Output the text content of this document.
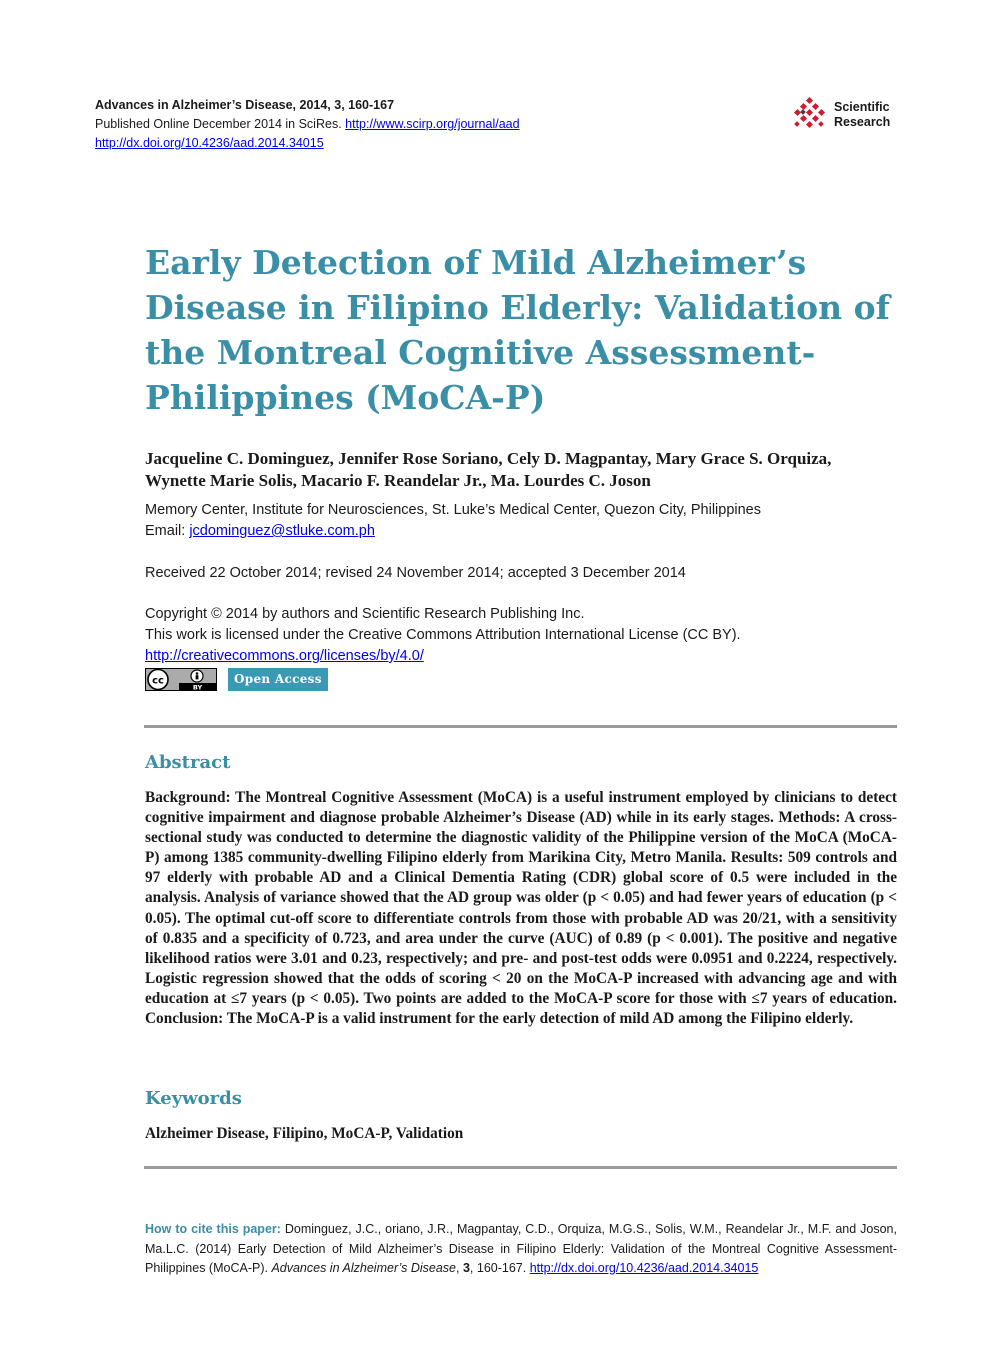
Advances in Alzheimer’s Disease, 2014, 3, 160-167
Published Online December 2014 in SciRes. http://www.scirp.org/journal/aad
http://dx.doi.org/10.4236/aad.2014.34015
Scientific
Research
Early Detection of Mild Alzheimer’s Disease in Filipino Elderly: Validation of the Montreal Cognitive Assessment-Philippines (MoCA-P)
Jacqueline C. Dominguez, Jennifer Rose Soriano, Cely D. Magpantay, Mary Grace S. Orquiza,
Wynette Marie Solis, Macario F. Reandelar Jr., Ma. Lourdes C. Joson
Memory Center, Institute for Neurosciences, St. Luke’s Medical Center, Quezon City, Philippines
Email: jcdominguez@stluke.com.ph
Received 22 October 2014; revised 24 November 2014; accepted 3 December 2014
Copyright © 2014 by authors and Scientific Research Publishing Inc.
This work is licensed under the Creative Commons Attribution International License (CC BY).
http://creativecommons.org/licenses/by/4.0/
cc
BY
Open Access
Abstract

Background: The Montreal Cognitive Assessment (MoCA) is a useful instrument employed by clinicians to detect cognitive impairment and diagnose probable Alzheimer’s Disease (AD) while in its early stages. Methods: A cross-sectional study was conducted to determine the diagnostic validity of the Philippine version of the MoCA (MoCA-P) among 1385 community-dwelling Filipino elderly from Marikina City, Metro Manila. Results: 509 controls and 97 elderly with probable AD and a Clinical Dementia Rating (CDR) global score of 0.5 were included in the analysis. Analysis of variance showed that the AD group was older (p < 0.05) and had fewer years of education (p < 0.05). The optimal cut-off score to differentiate controls from those with probable AD was 20/21, with a sensitivity of 0.835 and a specificity of 0.723, and area under the curve (AUC) of 0.89 (p < 0.001). The positive and negative likelihood ratios were 3.01 and 0.23, respectively; and pre- and post-test odds were 0.0951 and 0.2224, respectively. Logistic regression showed that the odds of scoring < 20 on the MoCA-P increased with advancing age and with education at ≤7 years (p < 0.05). Two points are added to the MoCA-P score for those with ≤7 years of education. Conclusion: The MoCA-P is a valid instrument for the early detection of mild AD among the Filipino elderly.

Keywords
Alzheimer Disease, Filipino, MoCA-P, Validation

How to cite this paper: Dominguez, J.C., oriano, J.R., Magpantay, C.D., Orquiza, M.G.S., Solis, W.M., Reandelar Jr., M.F. and Joson, Ma.L.C. (2014) Early Detection of Mild Alzheimer’s Disease in Filipino Elderly: Validation of the Montreal Cognitive Assessment-Philippines (MoCA-P). Advances in Alzheimer’s Disease, 3, 160-167. http://dx.doi.org/10.4236/aad.2014.34015
